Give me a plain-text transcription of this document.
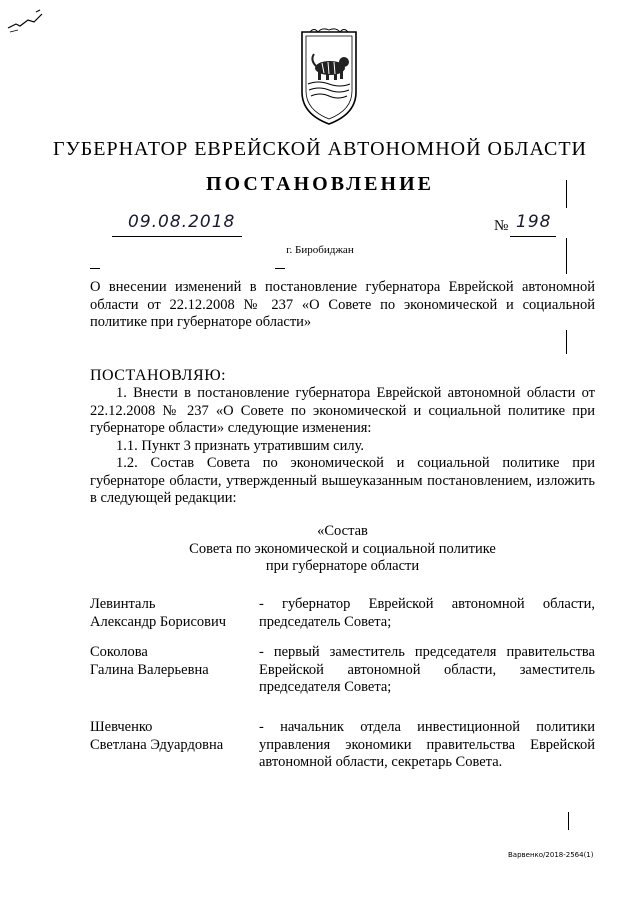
ГУБЕРНАТОР ЕВРЕЙСКОЙ АВТОНОМНОЙ ОБЛАСТИ
ПОСТАНОВЛЕНИЕ
09.08.2018	№ 198
г. Биробиджан
О внесении изменений в постановление губернатора Еврейской автономной области от 22.12.2008 № 237 «О Совете по экономической и социальной политике при губернаторе области»
ПОСТАНОВЛЯЮ:

1. Внести в постановление губернатора Еврейской автономной области от 22.12.2008 № 237 «О Совете по экономической и социальной политике при губернаторе области» следующие изменения:

1.1. Пункт 3 признать утратившим силу.

1.2. Состав Совета по экономической и социальной политике при губернаторе области, утвержденный вышеуказанным постановлением, изложить в следующей редакции:

«Состав
Совета по экономической и социальной политике
при губернаторе области
Левинталь
Александр Борисович
- губернатор Еврейской автономной области, председатель Совета;
Соколова
Галина Валерьевна
- первый заместитель председателя правительства Еврейской автономной области, заместитель председателя Совета;
Шевченко
Светлана Эдуардовна
- начальник отдела инвестиционной политики управления экономики правительства Еврейской автономной области, секретарь Совета.
Варвенко/2018-2564(1)
